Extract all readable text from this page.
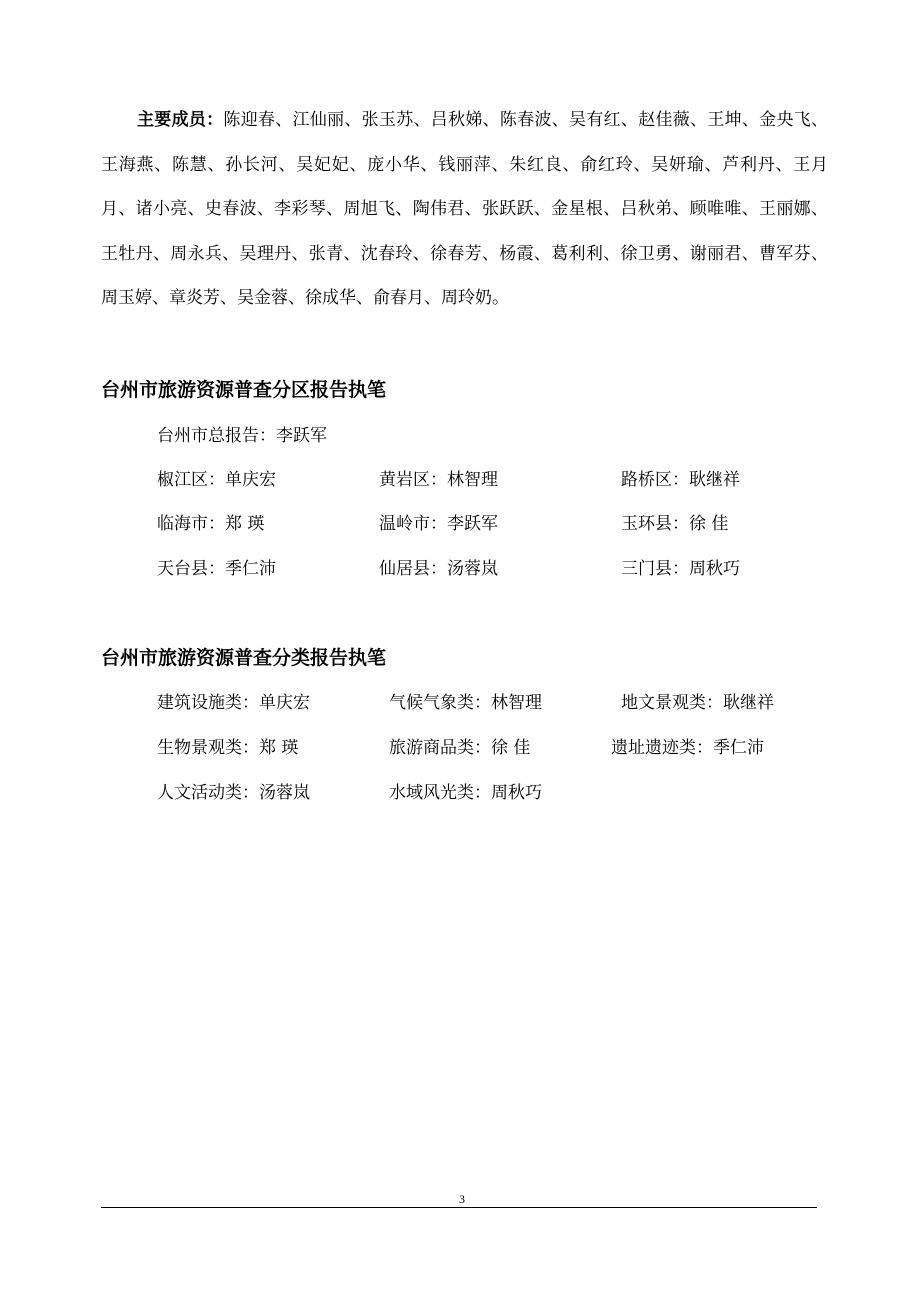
主要成员：陈迎春、江仙丽、张玉苏、吕秋娣、陈春波、吴有红、赵佳薇、王坤、金央飞、王海燕、陈慧、孙长河、吴妃妃、庞小华、钱丽萍、朱红良、俞红玲、吴妍瑜、芦利丹、王月月、诸小亮、史春波、李彩琴、周旭飞、陶伟君、张跃跃、金星根、吕秋弟、顾唯唯、王丽娜、王牡丹、周永兵、吴理丹、张青、沈春玲、徐春芳、杨霞、葛利利、徐卫勇、谢丽君、曹军芬、周玉婷、章炎芳、吴金蓉、徐成华、俞春月、周玲奶。
台州市旅游资源普查分区报告执笔
台州市总报告：李跃军
椒江区：单庆宏	黄岩区：林智理	路桥区：耿继祥
临海市：郑 瑛	温岭市：李跃军	玉环县：徐 佳
天台县：季仁沛	仙居县：汤蓉岚	三门县：周秋巧
台州市旅游资源普查分类报告执笔
建筑设施类：单庆宏	气候气象类：林智理	地文景观类：耿继祥
生物景观类：郑 瑛	旅游商品类：徐 佳	遗址遗迹类：季仁沛
人文活动类：汤蓉岚	水域风光类：周秋巧
3
